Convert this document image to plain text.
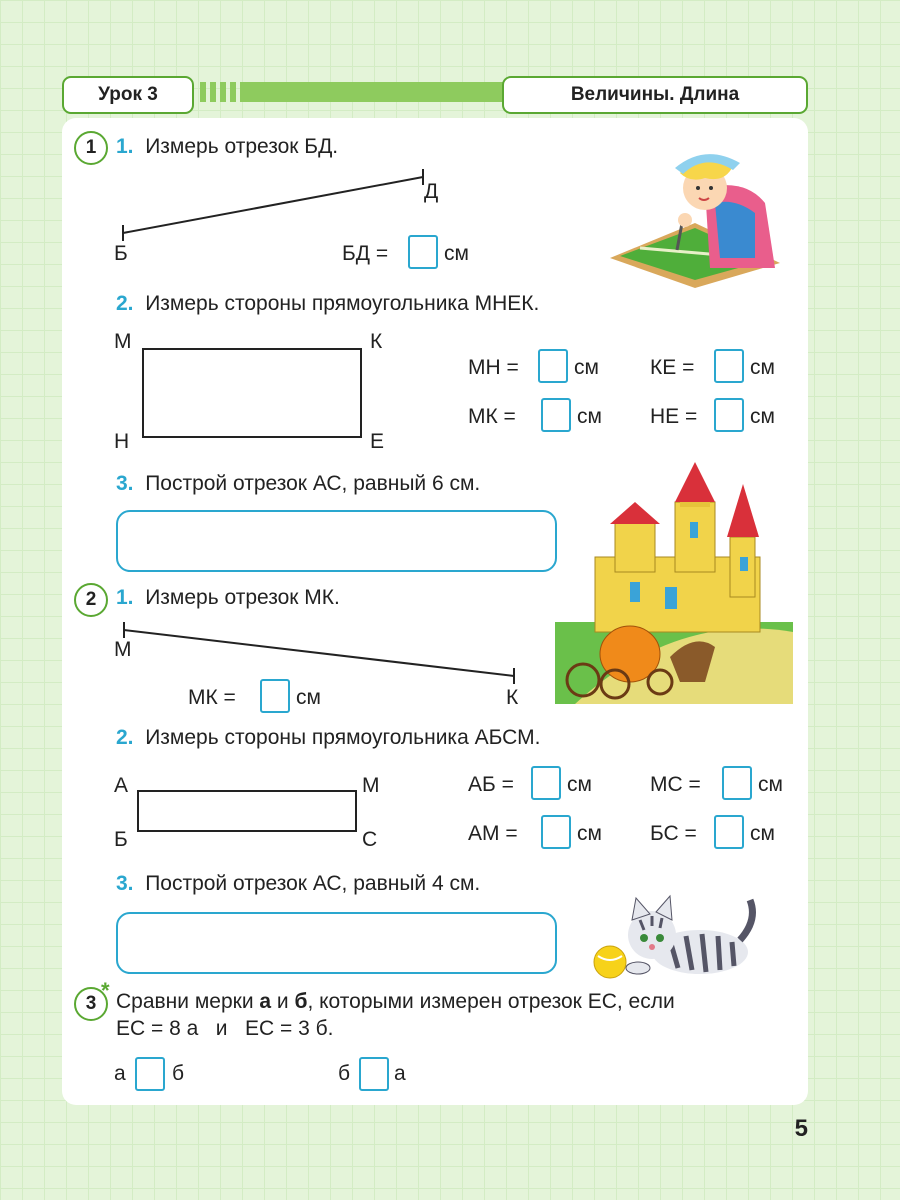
Урок 3	Величины. Длина
1 1. Измерь отрезок БД.
Б
Д
БД =	см
2. Измерь стороны прямоугольника МНЕК.
М	К
Н	Е
МН =	см КЕ =	см
МК =	см НЕ =	см
3. Построй отрезок АС, равный 6 см.
2 1. Измерь отрезок МК.
М
К
МК =	см
2. Измерь стороны прямоугольника АБСМ.
А	М
Б	С
АБ =	см	МС =	см
АМ =	см БС =	см
3. Построй отрезок АС, равный 4 см.
3
* Сравни мерки а и б, которыми измерен отрезок ЕС, если
ЕС = 8 а   и   ЕС = 3 б.
а б	б а
5
